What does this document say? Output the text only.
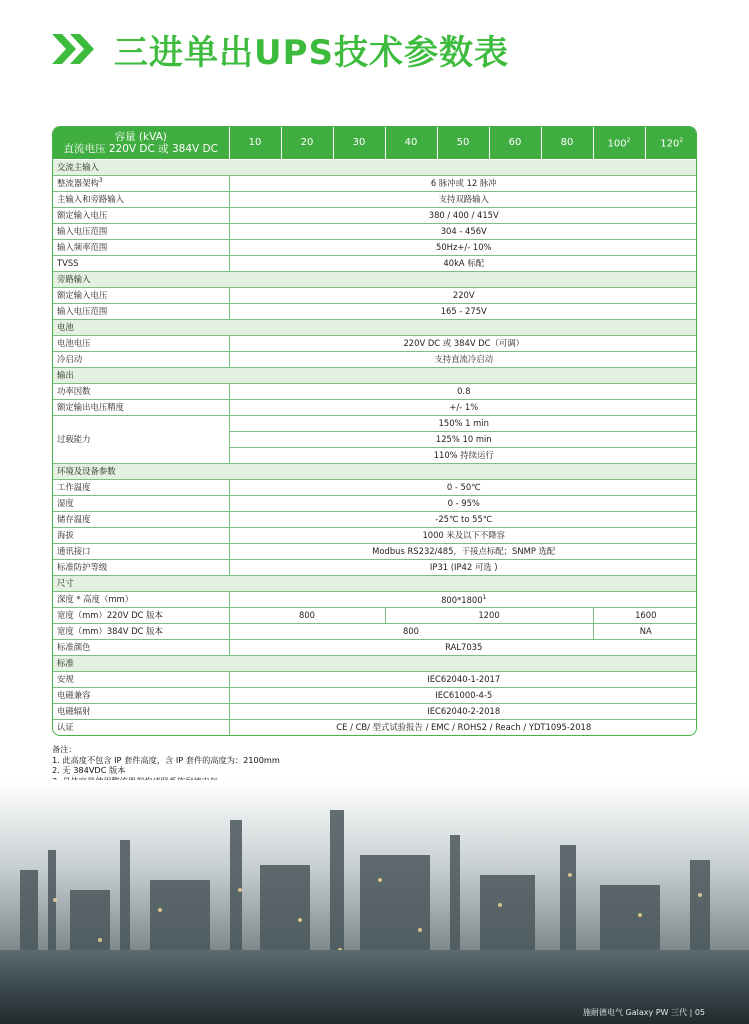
三进单出UPS技术参数表
容量 (kVA)
直流电压 220V DC 或 384V DC	10	20	30	40	50	60	80	$100^2$	$120^2$
交流主输入									
整流器架构$^3$	6 脉冲或 12 脉冲								
主输入和旁路输入	支持双路输入								
额定输入电压	380 / 400 / 415V								
输入电压范围	304 - 456V								
输入频率范围	50Hz+/- 10%								
TVSS	40kA 标配								
旁路输入									
额定输入电压	220V								
输入电压范围	165 - 275V								
电池									
电池电压	220V DC 或 384V DC（可调）								
冷启动	支持直流冷启动								
输出									
功率因数	0.8								
额定输出电压精度	+/- 1%								
过载能力	150% 1 min								
	125% 10 min								
	110% 持续运行								
环境及设备参数									
工作温度	0 - 50℃								
湿度	0 - 95%								
储存温度	-25℃ to 55℃								
海拔	1000 米及以下不降容								
通讯接口	Modbus RS232/485，干接点标配；SNMP 选配								
标准防护等级	IP31 (IP42 可选 )								
尺寸									
深度 * 高度（mm）	800*1800$^1$
宽度（mm）220V DC 版本	800			1200				1600	
宽度（mm）384V DC 版本	800							NA	
标准颜色	RAL7035								
标准									
安规	IEC62040-1-2017								
电磁兼容	IEC61000-4-5								
电磁辐射	IEC62040-2-2018								
认证	CE / CB/ 型式试验报告 / EMC / ROHS2 / Reach / YDT1095-2018								
备注：
1. 此高度不包含 IP 套件高度，含 IP 套件的高度为：2100mm
2. 无 384VDC 版本
施耐德电气 Galaxy PW 三代 | 05
